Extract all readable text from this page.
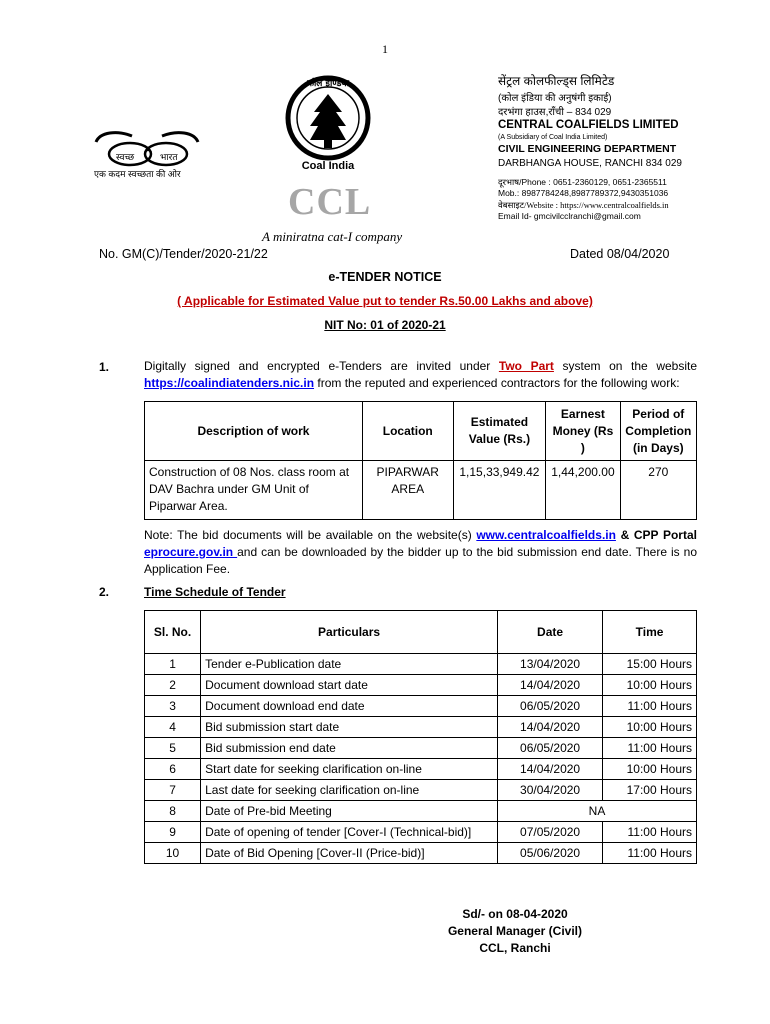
1
स्वच्छ	भारत
एक कदम स्वच्छता की ओर
कोल इण्डिया
Coal India
CCL
A miniratna cat-I company
सेंट्रल कोलफील्ड्स लिमिटेड
(कोल इंडिया की अनुषंगी इकाई)
दरभंगा हाउस,राँची – 834 029
CENTRAL COALFIELDS LIMITED
(A Subsidiary of Coal India Limited)
CIVIL ENGINEERING DEPARTMENT
DARBHANGA HOUSE, RANCHI 834 029
दूरभाष/Phone : 0651-2360129, 0651-2365511
Mob.: 8987784248,8987789372,9430351036
वेबसाइट/Website : https://www.centralcoalfields.in
Email Id- gmcivilcclranchi@gmail.com
No. GM(C)/Tender/2020-21/22	Dated 08/04/2020
e-TENDER NOTICE
( Applicable for Estimated Value put to tender Rs.50.00 Lakhs and above)
NIT No: 01 of 2020-21
1.	Digitally signed and encrypted e-Tenders are invited under Two Part system on the website https://coalindiatenders.nic.in from the reputed and experienced contractors for the following work:
Description of work	Location	Estimated Value (Rs.)	Earnest Money (Rs )	Period of Completion (in Days)
Construction of 08 Nos. class room at DAV Bachra under GM Unit of Piparwar Area.	PIPARWAR AREA	1,15,33,949.42	1,44,200.00	270
Note: The bid documents will be available on the website(s) www.centralcoalfields.in & CPP Portal eprocure.gov.in and can be downloaded by the bidder up to the bid submission end date. There is no Application Fee.
2.	Time Schedule of Tender
Sl. No.	Particulars	Date	Time
1	Tender e-Publication date	13/04/2020	15:00 Hours
2	Document download start date	14/04/2020	10:00 Hours
3	Document download end date	06/05/2020	11:00 Hours
4	Bid submission start date	14/04/2020	10:00 Hours
5	Bid submission end date	06/05/2020	11:00 Hours
6	Start date for seeking clarification on-line	14/04/2020	10:00 Hours
7	Last date for seeking clarification on-line	30/04/2020	17:00 Hours
8	Date of Pre-bid Meeting	NA	
9	Date of opening of tender [Cover-I (Technical-bid)]	07/05/2020	11:00 Hours
10	Date of Bid Opening [Cover-II (Price-bid)]	05/06/2020	11:00 Hours
Sd/- on 08-04-2020
General Manager (Civil)
CCL, Ranchi
